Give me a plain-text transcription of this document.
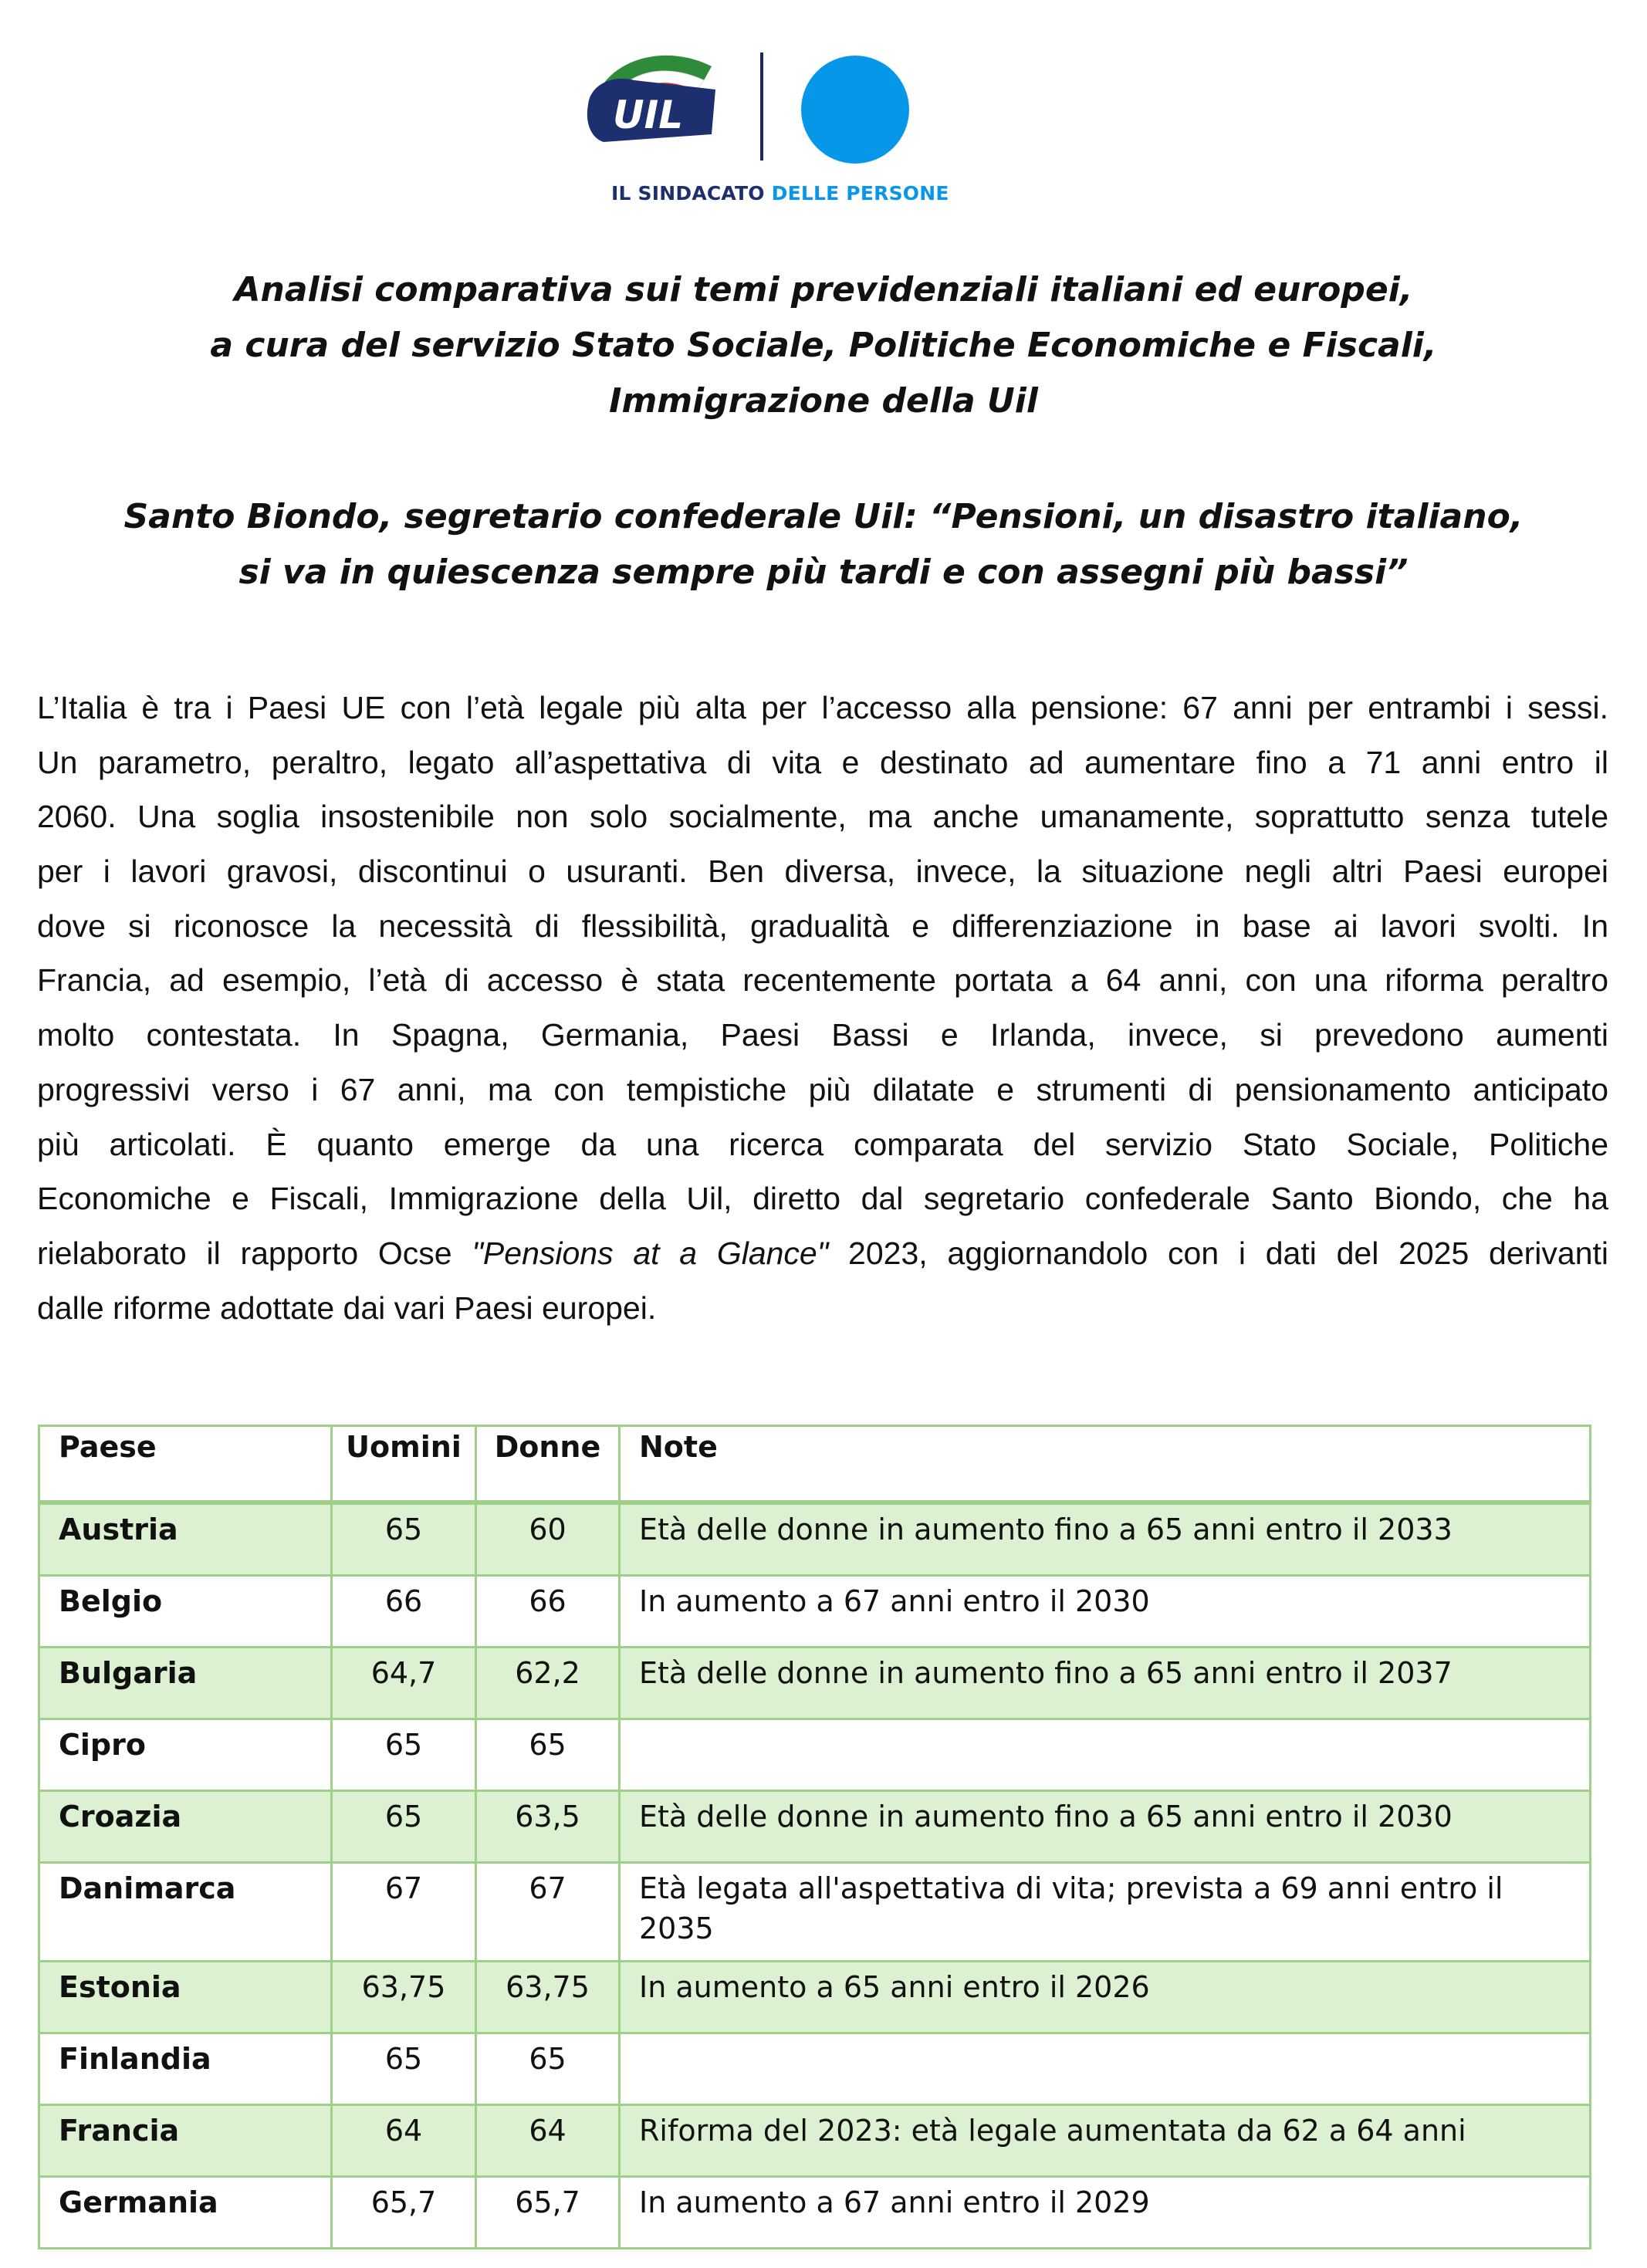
UIL
IL SINDACATO DELLE PERSONE
Analisi comparativa sui temi previdenziali italiani ed europei,
a cura del servizio Stato Sociale, Politiche Economiche e Fiscali,
Immigrazione della Uil
Santo Biondo, segretario confederale Uil: “Pensioni, un disastro italiano,
si va in quiescenza sempre più tardi e con assegni più bassi”
L’Italia è tra i Paesi UE con l’età legale più alta per l’accesso alla pensione: 67 anni per entrambi i sessi.
Un parametro, peraltro, legato all’aspettativa di vita e destinato ad aumentare fino a 71 anni entro il
2060. Una soglia insostenibile non solo socialmente, ma anche umanamente, soprattutto senza tutele
per i lavori gravosi, discontinui o usuranti. Ben diversa, invece, la situazione negli altri Paesi europei
dove si riconosce la necessità di flessibilità, gradualità e differenziazione in base ai lavori svolti. In
Francia, ad esempio, l’età di accesso è stata recentemente portata a 64 anni, con una riforma peraltro
molto contestata. In Spagna, Germania, Paesi Bassi e Irlanda, invece, si prevedono aumenti
progressivi verso i 67 anni, ma con tempistiche più dilatate e strumenti di pensionamento anticipato
più articolati. È quanto emerge da una ricerca comparata del servizio Stato Sociale, Politiche
Economiche e Fiscali, Immigrazione della Uil, diretto dal segretario confederale Santo Biondo, che ha
rielaborato il rapporto Ocse "Pensions at a Glance" 2023, aggiornandolo con i dati del 2025 derivanti
dalle riforme adottate dai vari Paesi europei.
Paese	Uomini	Donne	Note
Austria	65	60	Età delle donne in aumento fino a 65 anni entro il 2033
Belgio	66	66	In aumento a 67 anni entro il 2030
Bulgaria	64,7	62,2	Età delle donne in aumento fino a 65 anni entro il 2037
Cipro	65	65	
Croazia	65	63,5	Età delle donne in aumento fino a 65 anni entro il 2030
Danimarca	67	67	Età legata all'aspettativa di vita; prevista a 69 anni entro il 2035
Estonia	63,75	63,75	In aumento a 65 anni entro il 2026
Finlandia	65	65	
Francia	64	64	Riforma del 2023: età legale aumentata da 62 a 64 anni
Germania	65,7	65,7	In aumento a 67 anni entro il 2029
